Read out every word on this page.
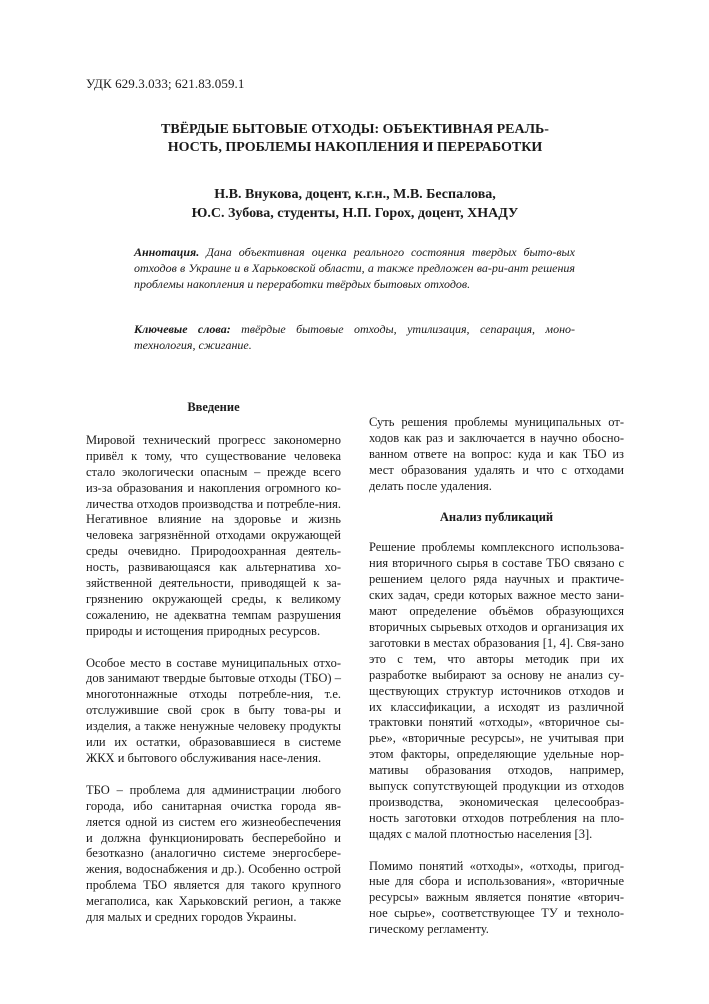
УДК 629.3.033; 621.83.059.1
ТВЁРДЫЕ БЫТОВЫЕ ОТХОДЫ: ОБЪЕКТИВНАЯ РЕАЛЬ-
НОСТЬ, ПРОБЛЕМЫ НАКОПЛЕНИЯ И ПЕРЕРАБОТКИ
Н.В. Внукова, доцент, к.г.н., М.В. Беспалова,
Ю.С. Зубова, студенты, Н.П. Горох, доцент, ХНАДУ
Аннотация. Дана объективная оценка реального состояния твердых быто-вых отходов в Украине и в Харьковской области, а также предложен ва-ри-ант решения проблемы накопления и переработки твёрдых бытовых отходов.
Ключевые слова: твёрдые бытовые отходы, утилизация, сепарация, моно-технология, сжигание.
Введение

Мировой технический прогресс закономерно привёл к тому, что существование человека стало экологически опасным – прежде всего из-за образования и накопления огромного ко-личества отходов производства и потребле-ния. Негативное влияние на здоровье и жизнь человека загрязнённой отходами окружающей среды очевидно. Природоохранная деятель-ность, развивающаяся как альтернатива хо-зяйственной деятельности, приводящей к за-грязнению окружающей среды, к великому сожалению, не адекватна темпам разрушения природы и истощения природных ресурсов.

Особое место в составе муниципальных отхо-дов занимают твердые бытовые отходы (ТБО) – многотоннажные отходы потребле-ния, т.е. отслужившие свой срок в быту това-ры и изделия, а также ненужные человеку продукты или их остатки, образовавшиеся в системе ЖКХ и бытового обслуживания насе-ления.

ТБО – проблема для администрации любого города, ибо санитарная очистка города яв-ляется одной из систем его жизнеобеспечения и должна функционировать бесперебойно и безотказно (аналогично системе энергосбере-жения, водоснабжения и др.). Особенно острой проблема ТБО является для такого крупного мегаполиса, как Харьковский регион, а также для малых и средних городов Украины.

Суть решения проблемы муниципальных от-ходов как раз и заключается в научно обосно-ванном ответе на вопрос: куда и как ТБО из мест образования удалять и что с отходами делать после удаления.

Анализ публикаций

Решение проблемы комплексного использова-ния вторичного сырья в составе ТБО связано с решением целого ряда научных и практиче-ских задач, среди которых важное место зани-мают определение объёмов образующихся вторичных сырьевых отходов и организация их заготовки в местах образования [1, 4]. Свя-зано это с тем, что авторы методик при их разработке выбирают за основу не анализ су-ществующих структур источников отходов и их классификации, а исходят из различной трактовки понятий «отходы», «вторичное сы-рье», «вторичные ресурсы», не учитывая при этом факторы, определяющие удельные нор-мативы образования отходов, например, выпуск сопутствующей продукции из отходов производства, экономическая целесообраз-ность заготовки отходов потребления на пло-щадях с малой плотностью населения [3].

Помимо понятий «отходы», «отходы, пригод-ные для сбора и использования», «вторичные ресурсы» важным является понятие «вторич-ное сырье», соответствующее ТУ и техноло-гическому регламенту.
